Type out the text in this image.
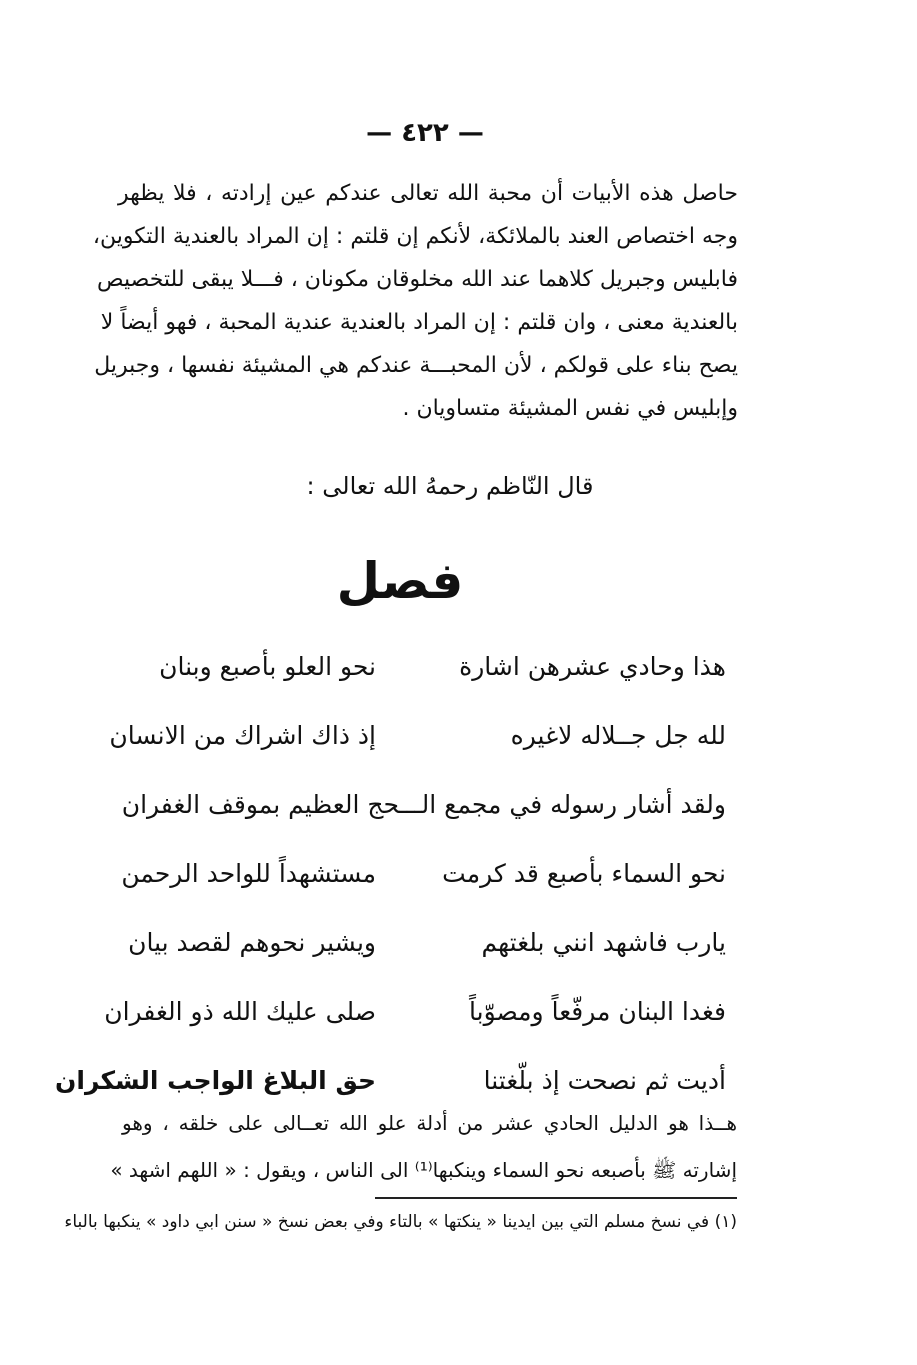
— ٤٢٢ —
حاصل هذه الأبيات أن محبة الله تعالى عندكم عين إرادته ، فلا يظهر
وجه اختصاص العند بالملائكة، لأنكم إن قلتم : إن المراد بالعندية التكوين،
فابليس وجبريل كلاهما عند الله مخلوقان مكونان ، فـــلا يبقى للتخصيص
بالعندية معنى ، وان قلتم : إن المراد بالعندية عندية المحبة ، فهو أيضاً لا
يصح بناء على قولكم ، لأن المحبـــة عندكم هي المشيئة نفسها ، وجبريل
وإبليس في نفس المشيئة متساويان .
قال النّاظم رحمهُ الله تعالى :
فصل
هذا وحادي عشرهن اشارة
نحو العلو بأصبع وبنان
لله جل جــلاله لاغيره
إذ ذاك اشراك من الانسان
ولقد أشار رسوله في مجمع الـــحج العظيم بموقف الغفران
نحو السماء بأصبع قد كرمت
مستشهداً للواحد الرحمن
يارب فاشهد انني بلغتهم
ويشير نحوهم لقصد بيان
فغدا البنان مرفّعاً ومصوّباً
صلى عليك الله ذو الغفران
أديت ثم نصحت إذ بلّغتنا
حق البلاغ الواجب الشكران
هــذا هو الدليل الحادي عشر من أدلة علو الله تعــالى على خلقه ، وهو
إشارته ﷺ بأصبعه نحو السماء وينكبها⁽¹⁾ الى الناس ، ويقول : « اللهم اشهد »
(١) في نسخ مسلم التي بين ايدينا « ينكتها » بالتاء وفي بعض نسخ « سنن ابي داود » ينكبها بالباء
